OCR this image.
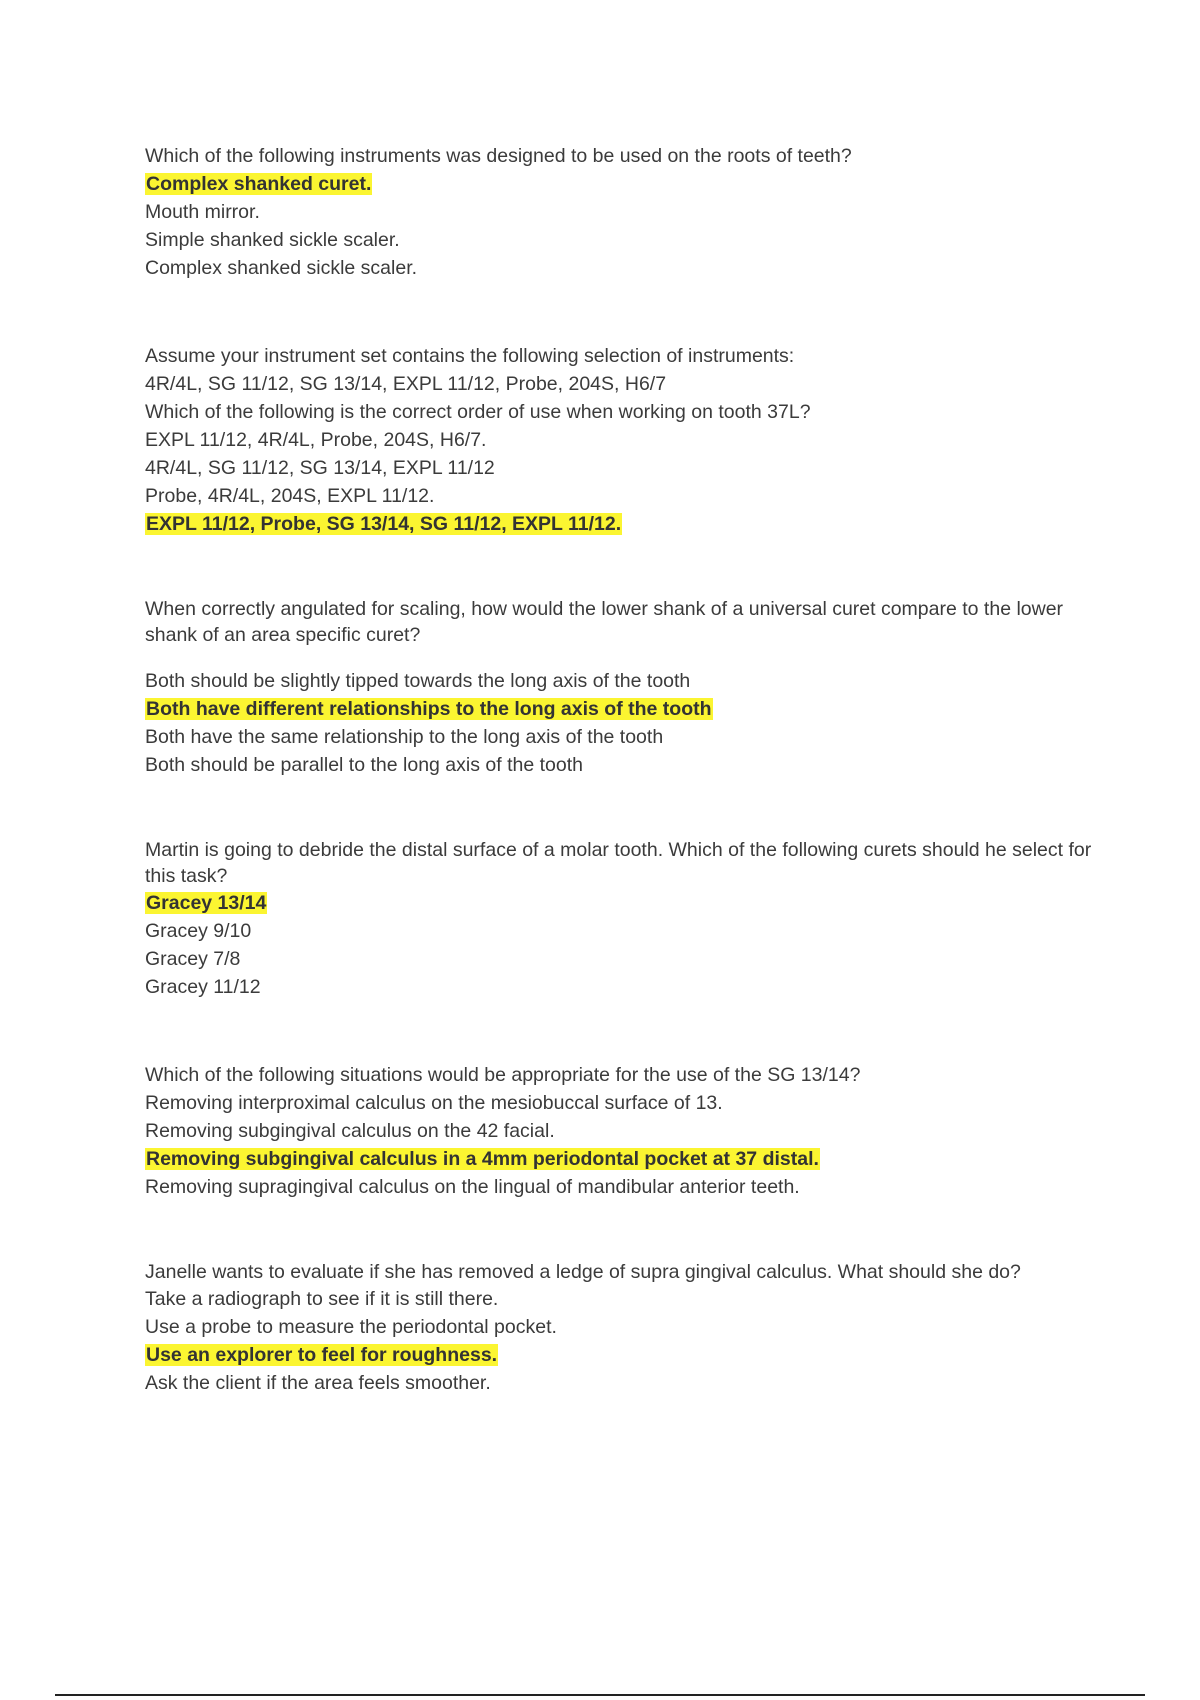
Which of the following instruments was designed to be used on the roots of teeth?

Complex shanked curet.

Mouth mirror.

Simple shanked sickle scaler.

Complex shanked sickle scaler.

Assume your instrument set contains the following selection of instruments:

4R/4L, SG 11/12, SG 13/14, EXPL 11/12, Probe, 204S, H6/7

Which of the following is the correct order of use when working on tooth 37L?

EXPL 11/12, 4R/4L, Probe, 204S, H6/7.

4R/4L, SG 11/12, SG 13/14, EXPL 11/12

Probe, 4R/4L, 204S, EXPL 11/12.

EXPL 11/12, Probe, SG 13/14, SG 11/12, EXPL 11/12.

When correctly angulated for scaling, how would the lower shank of a universal curet compare to the lower shank of an area specific curet?

Both should be slightly tipped towards the long axis of the tooth

Both have different relationships to the long axis of the tooth

Both have the same relationship to the long axis of the tooth

Both should be parallel to the long axis of the tooth

Martin is going to debride the distal surface of a molar tooth. Which of the following curets should he select for this task?

Gracey 13/14

Gracey 9/10

Gracey 7/8

Gracey 11/12

Which of the following situations would be appropriate for the use of the SG 13/14?

Removing interproximal calculus on the mesiobuccal surface of 13.

Removing subgingival calculus on the 42 facial.

Removing subgingival calculus in a 4mm periodontal pocket at 37 distal.

Removing supragingival calculus on the lingual of mandibular anterior teeth.

Janelle wants to evaluate if she has removed a ledge of supra gingival calculus. What should she do?

Take a radiograph to see if it is still there.

Use a probe to measure the periodontal pocket.

Use an explorer to feel for roughness.

Ask the client if the area feels smoother.
